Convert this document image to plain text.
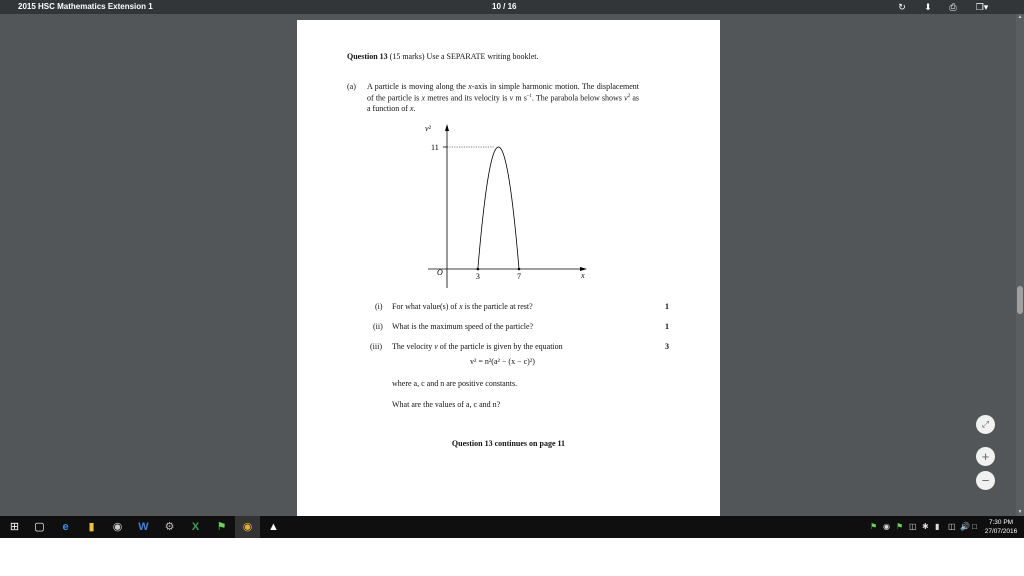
2015 HSC Mathematics Extension 1	10 / 16	↻ ⬇ ⎙	❒▾
Question 13 (15 marks) Use a SEPARATE writing booklet.
(a) A particle is moving along the x-axis in simple harmonic motion. The displacement of the particle is x metres and its velocity is v m $s^{-1}$. The parabola below shows $v^2$ as a function of x.
v²
11
O	3	7	x
(i) For what value(s) of x is the particle at rest?	1
(ii) What is the maximum speed of the particle?	1
(iii) The velocity v of the particle is given by the equation	3
v² = n²(a² − (x − c)²)
where a, c and n are positive constants.
What are the values of a, c and n?
Question 13 continues on page 11
▲
▼
⤢
+
−
⊞	▢	e	▮	◉	W	⚙	X	⚑	◉	▲	⚑ ◉ ⚑ ◫ ✱ ▮ ◫ 🔊 □	7:30 PM
27/07/2016
